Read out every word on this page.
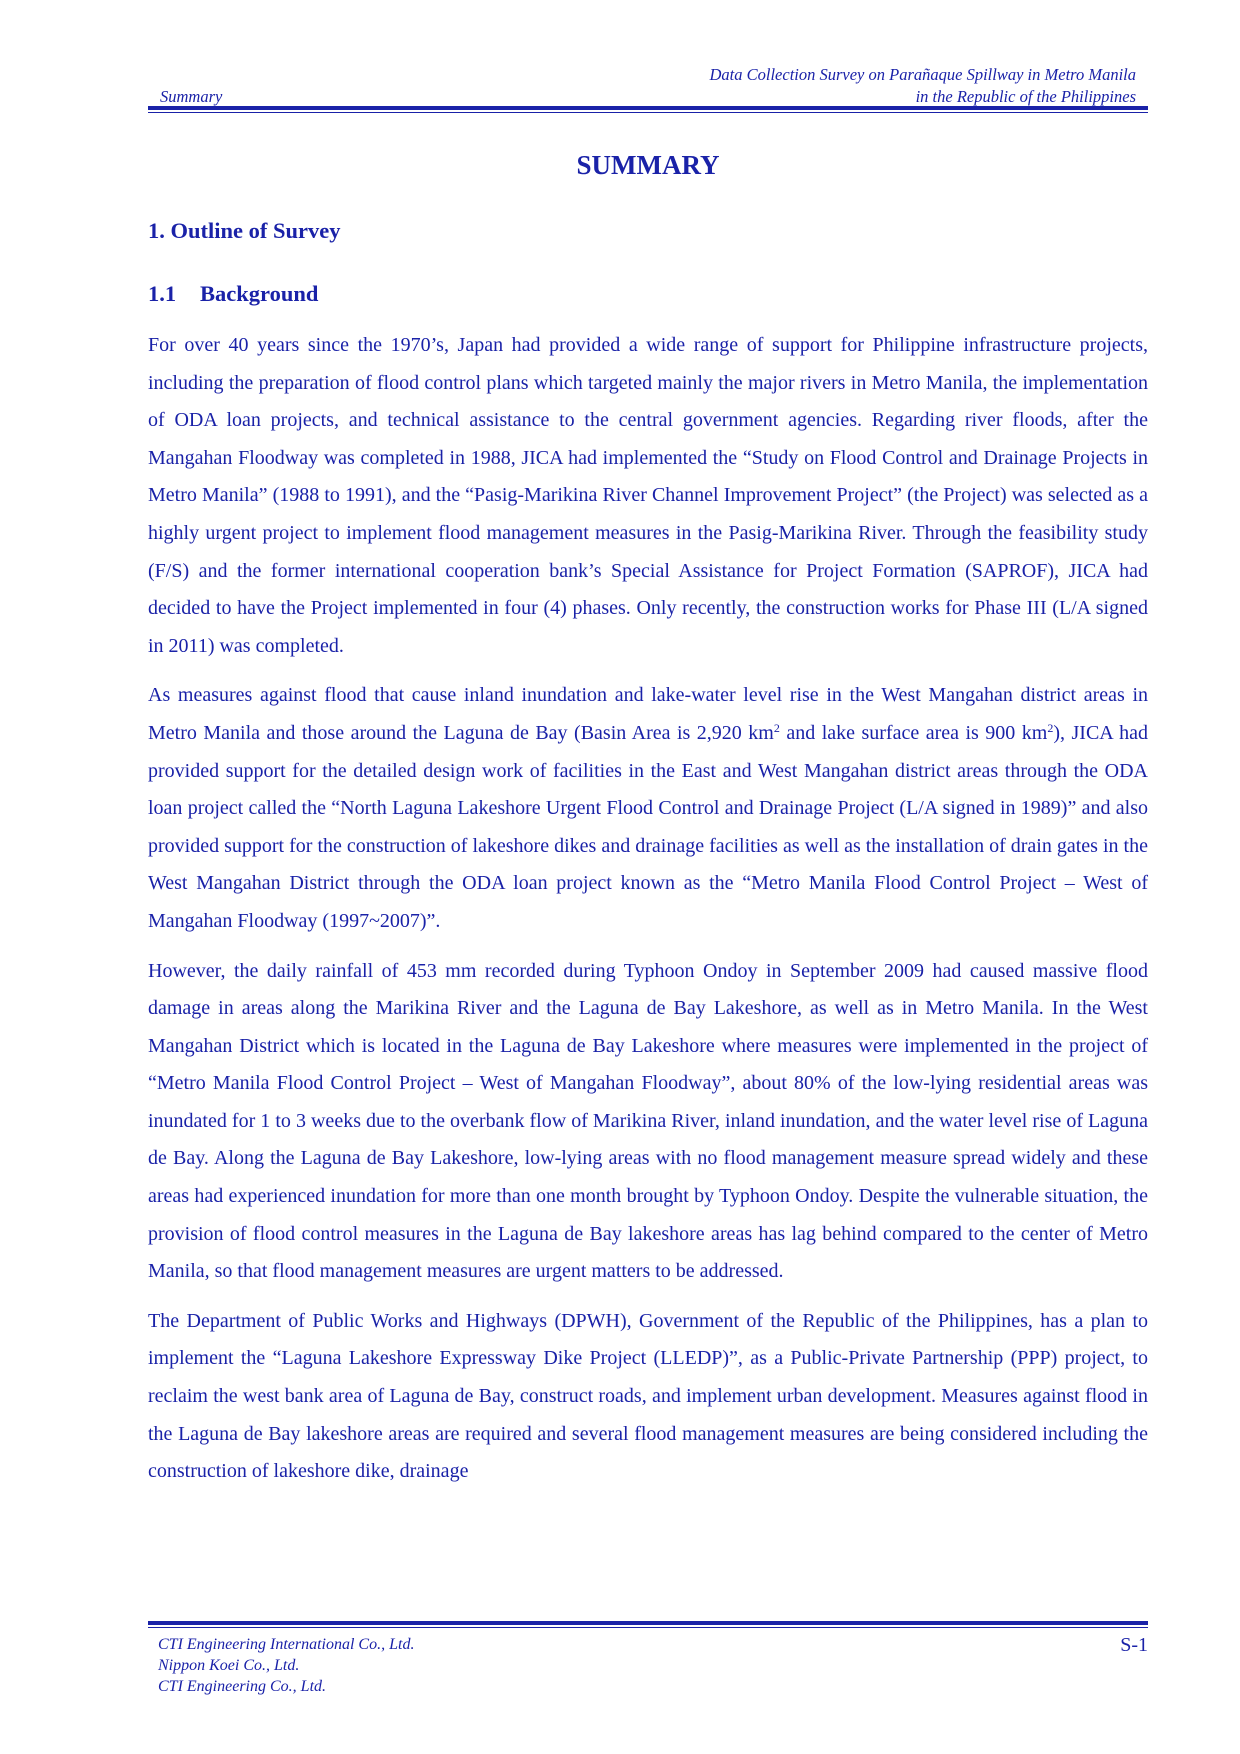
Summary
Data Collection Survey on Parañaque Spillway in Metro Manila
in the Republic of the Philippines
SUMMARY
1. Outline of Survey
1.1 Background

For over 40 years since the 1970’s, Japan had provided a wide range of support for Philippine infrastructure projects, including the preparation of flood control plans which targeted mainly the major rivers in Metro Manila, the implementation of ODA loan projects, and technical assistance to the central government agencies. Regarding river floods, after the Mangahan Floodway was completed in 1988, JICA had implemented the “Study on Flood Control and Drainage Projects in Metro Manila” (1988 to 1991), and the “Pasig-Marikina River Channel Improvement Project” (the Project) was selected as a highly urgent project to implement flood management measures in the Pasig-Marikina River. Through the feasibility study (F/S) and the former international cooperation bank’s Special Assistance for Project Formation (SAPROF), JICA had decided to have the Project implemented in four (4) phases. Only recently, the construction works for Phase III (L/A signed in 2011) was completed.

As measures against flood that cause inland inundation and lake-water level rise in the West Mangahan district areas in Metro Manila and those around the Laguna de Bay (Basin Area is 2,920 $km^2$ and lake surface area is 900 $km^2$), JICA had provided support for the detailed design work of facilities in the East and West Mangahan district areas through the ODA loan project called the “North Laguna Lakeshore Urgent Flood Control and Drainage Project (L/A signed in 1989)” and also provided support for the construction of lakeshore dikes and drainage facilities as well as the installation of drain gates in the West Mangahan District through the ODA loan project known as the “Metro Manila Flood Control Project – West of Mangahan Floodway (1997~2007)”.

However, the daily rainfall of 453 mm recorded during Typhoon Ondoy in September 2009 had caused massive flood damage in areas along the Marikina River and the Laguna de Bay Lakeshore, as well as in Metro Manila. In the West Mangahan District which is located in the Laguna de Bay Lakeshore where measures were implemented in the project of “Metro Manila Flood Control Project – West of Mangahan Floodway”, about 80% of the low-lying residential areas was inundated for 1 to 3 weeks due to the overbank flow of Marikina River, inland inundation, and the water level rise of Laguna de Bay. Along the Laguna de Bay Lakeshore, low-lying areas with no flood management measure spread widely and these areas had experienced inundation for more than one month brought by Typhoon Ondoy. Despite the vulnerable situation, the provision of flood control measures in the Laguna de Bay lakeshore areas has lag behind compared to the center of Metro Manila, so that flood management measures are urgent matters to be addressed.

The Department of Public Works and Highways (DPWH), Government of the Republic of the Philippines, has a plan to implement the “Laguna Lakeshore Expressway Dike Project (LLEDP)”, as a Public-Private Partnership (PPP) project, to reclaim the west bank area of Laguna de Bay, construct roads, and implement urban development. Measures against flood in the Laguna de Bay lakeshore areas are required and several flood management measures are being considered including the construction of lakeshore dike, drainage

CTI Engineering International Co., Ltd.
Nippon Koei Co., Ltd.
CTI Engineering Co., Ltd.
S-1
